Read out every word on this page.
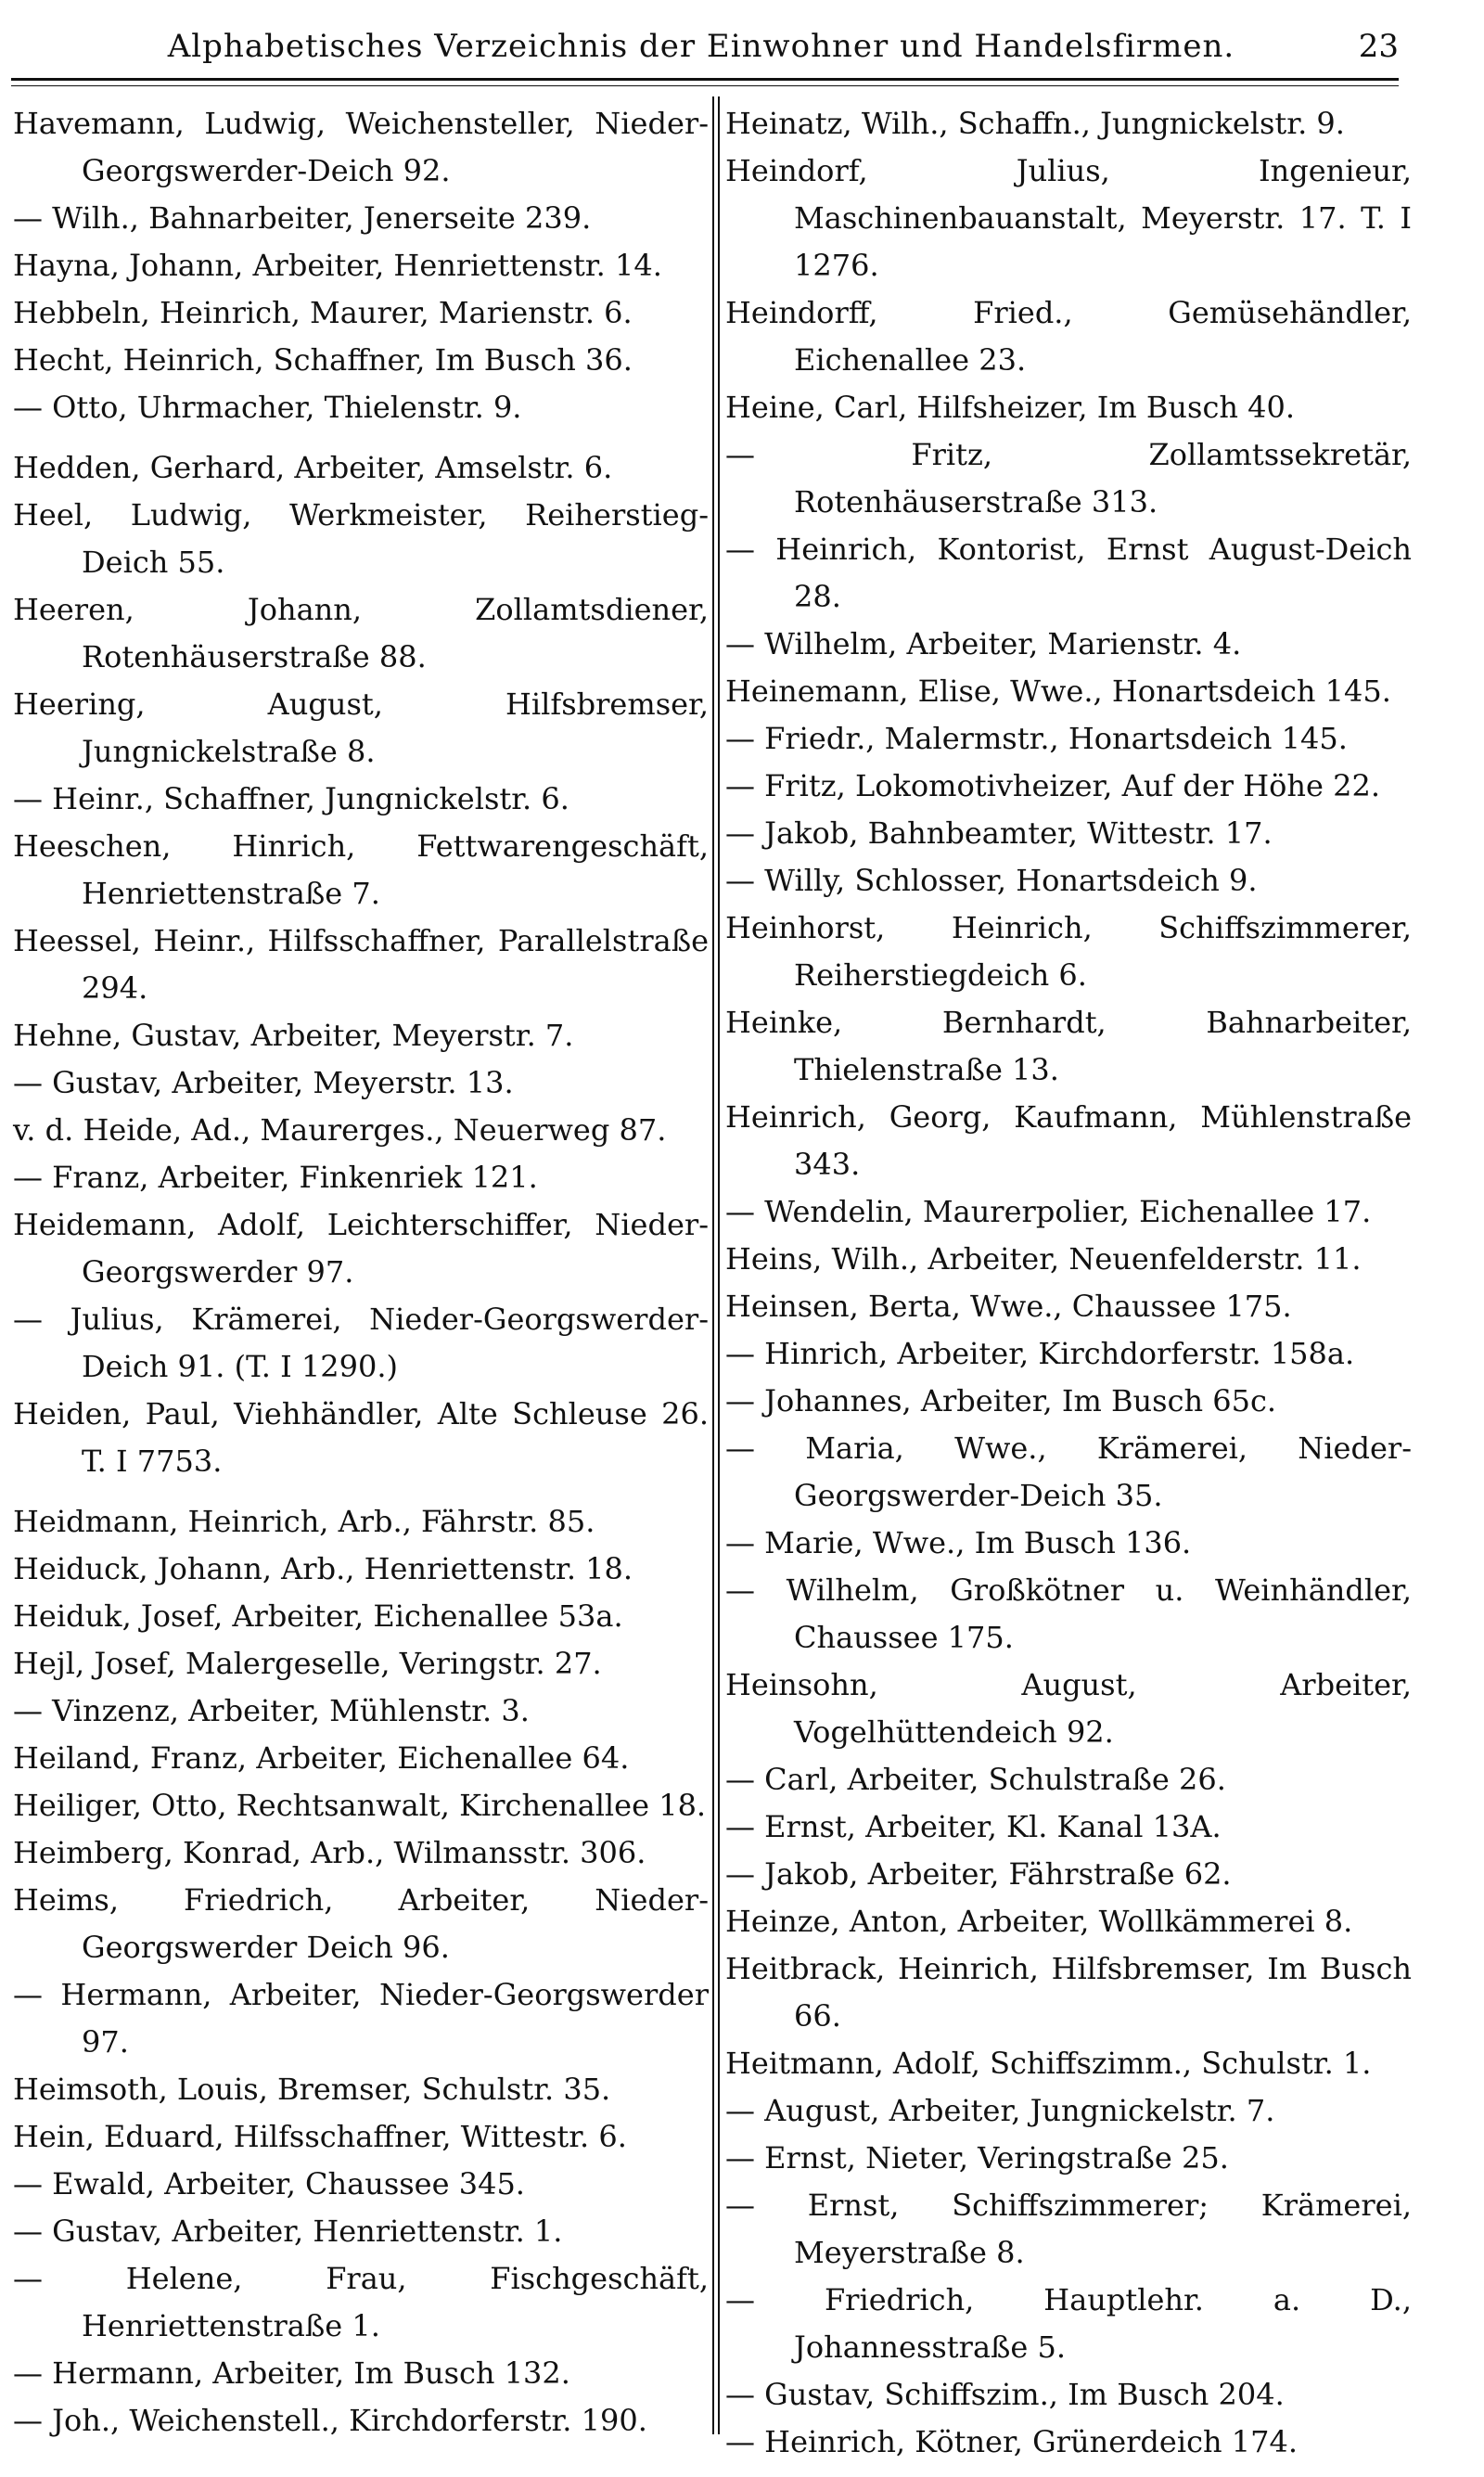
Alphabetisches Verzeichnis der Einwohner und Handelsfirmen.	23

Havemann, Ludwig, Weichensteller, Nieder-Georgswerder-Deich 92.

— Wilh., Bahnarbeiter, Jenerseite 239.

Hayna, Johann, Arbeiter, Henriettenstr. 14.

Hebbeln, Heinrich, Maurer, Marienstr. 6.

Hecht, Heinrich, Schaffner, Im Busch 36.

— Otto, Uhrmacher, Thielenstr. 9.

Hedden, Gerhard, Arbeiter, Amselstr. 6.

Heel, Ludwig, Werkmeister, Reiherstieg-Deich 55.

Heeren, Johann, Zollamtsdiener, Rotenhäuserstraße 88.

Heering, August, Hilfsbremser, Jungnickelstraße 8.

— Heinr., Schaffner, Jungnickelstr. 6.

Heeschen, Hinrich, Fettwarengeschäft, Henriettenstraße 7.

Heessel, Heinr., Hilfsschaffner, Parallelstraße 294.

Hehne, Gustav, Arbeiter, Meyerstr. 7.

— Gustav, Arbeiter, Meyerstr. 13.

v. d. Heide, Ad., Maurerges., Neuerweg 87.

— Franz, Arbeiter, Finkenriek 121.

Heidemann, Adolf, Leichterschiffer, Nieder-Georgswerder 97.

— Julius, Krämerei, Nieder-Georgswerder-Deich 91. (T. I 1290.)

Heiden, Paul, Viehhändler, Alte Schleuse 26. T. I 7753.

Heidmann, Heinrich, Arb., Fährstr. 85.

Heiduck, Johann, Arb., Henriettenstr. 18.

Heiduk, Josef, Arbeiter, Eichenallee 53a.

Hejl, Josef, Malergeselle, Veringstr. 27.

— Vinzenz, Arbeiter, Mühlenstr. 3.

Heiland, Franz, Arbeiter, Eichenallee 64.

Heiliger, Otto, Rechtsanwalt, Kirchenallee 18.

Heimberg, Konrad, Arb., Wilmansstr. 306.

Heims, Friedrich, Arbeiter, Nieder-Georgswerder Deich 96.

— Hermann, Arbeiter, Nieder-Georgswerder 97.

Heimsoth, Louis, Bremser, Schulstr. 35.

Hein, Eduard, Hilfsschaffner, Wittestr. 6.

— Ewald, Arbeiter, Chaussee 345.

— Gustav, Arbeiter, Henriettenstr. 1.

— Helene, Frau, Fischgeschäft, Henriettenstraße 1.

— Hermann, Arbeiter, Im Busch 132.

— Joh., Weichenstell., Kirchdorferstr. 190.

Heinatz, Wilh., Schaffn., Jungnickelstr. 9.

Heindorf, Julius, Ingenieur, Maschinenbauanstalt, Meyerstr. 17. T. I 1276.

Heindorff, Fried., Gemüsehändler, Eichenallee 23.

Heine, Carl, Hilfsheizer, Im Busch 40.

— Fritz, Zollamtssekretär, Rotenhäuserstraße 313.

— Heinrich, Kontorist, Ernst August-Deich 28.

— Wilhelm, Arbeiter, Marienstr. 4.

Heinemann, Elise, Wwe., Honartsdeich 145.

— Friedr., Malermstr., Honartsdeich 145.

— Fritz, Lokomotivheizer, Auf der Höhe 22.

— Jakob, Bahnbeamter, Wittestr. 17.

— Willy, Schlosser, Honartsdeich 9.

Heinhorst, Heinrich, Schiffszimmerer, Reiherstiegdeich 6.

Heinke, Bernhardt, Bahnarbeiter, Thielenstraße 13.

Heinrich, Georg, Kaufmann, Mühlenstraße 343.

— Wendelin, Maurerpolier, Eichenallee 17.

Heins, Wilh., Arbeiter, Neuenfelderstr. 11.

Heinsen, Berta, Wwe., Chaussee 175.

— Hinrich, Arbeiter, Kirchdorferstr. 158a.

— Johannes, Arbeiter, Im Busch 65c.

— Maria, Wwe., Krämerei, Nieder-Georgswerder-Deich 35.

— Marie, Wwe., Im Busch 136.

— Wilhelm, Großkötner u. Weinhändler, Chaussee 175.

Heinsohn, August, Arbeiter, Vogelhüttendeich 92.

— Carl, Arbeiter, Schulstraße 26.

— Ernst, Arbeiter, Kl. Kanal 13A.

— Jakob, Arbeiter, Fährstraße 62.

Heinze, Anton, Arbeiter, Wollkämmerei 8.

Heitbrack, Heinrich, Hilfsbremser, Im Busch 66.

Heitmann, Adolf, Schiffszimm., Schulstr. 1.

— August, Arbeiter, Jungnickelstr. 7.

— Ernst, Nieter, Veringstraße 25.

— Ernst, Schiffszimmerer; Krämerei, Meyerstraße 8.

— Friedrich, Hauptlehr. a. D., Johannesstraße 5.

— Gustav, Schiffszim., Im Busch 204.

— Heinrich, Kötner, Grünerdeich 174.
